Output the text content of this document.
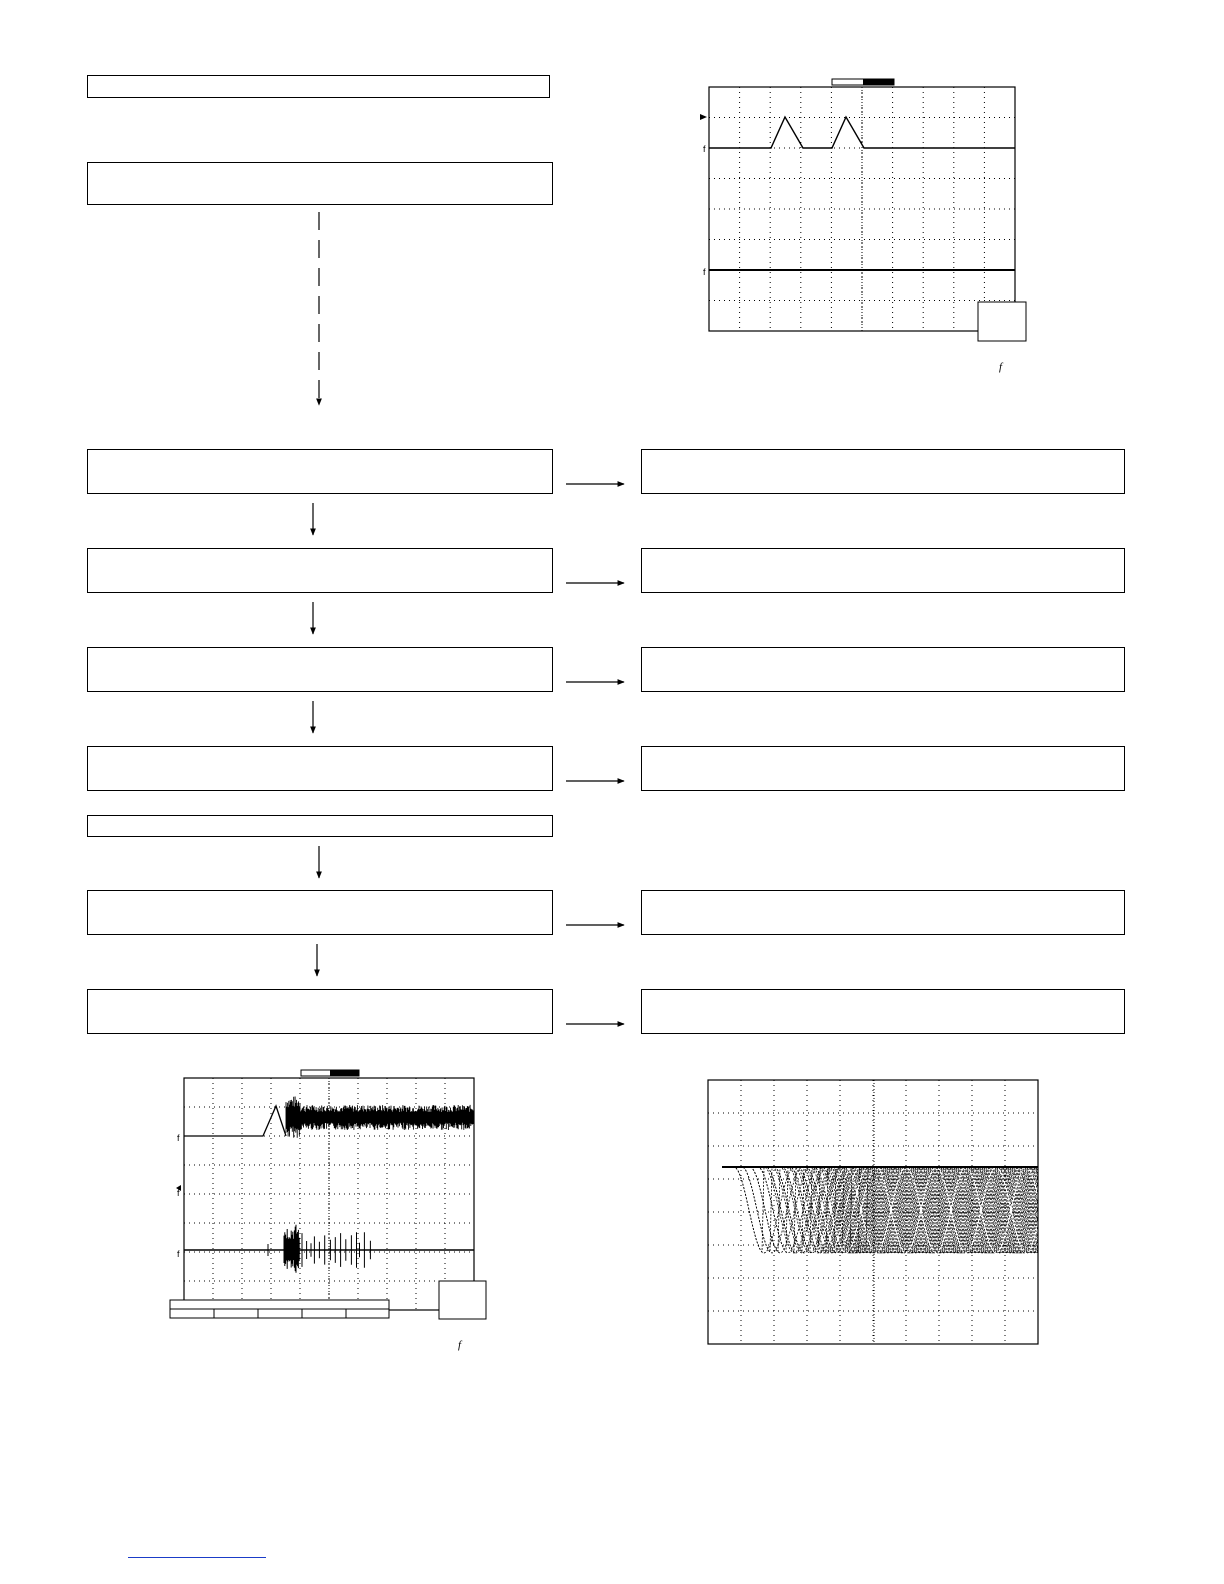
f
f
f
f
f
f
f
